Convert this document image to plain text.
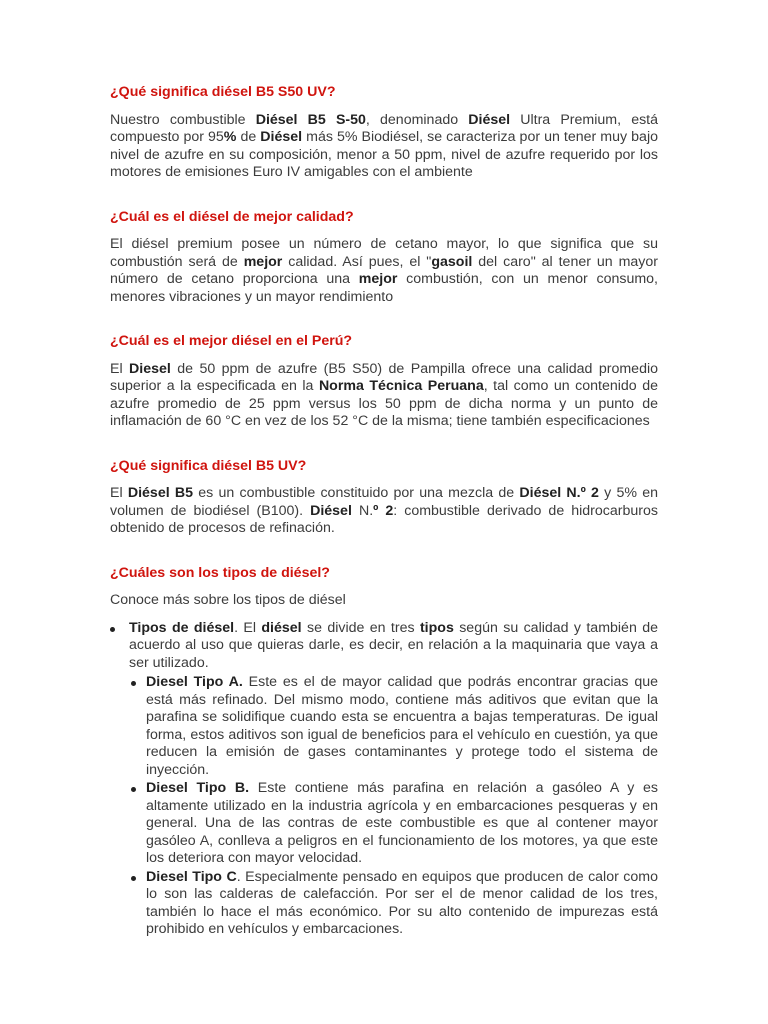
¿Qué significa diésel B5 S50 UV?

Nuestro combustible Diésel B5 S-50, denominado Diésel Ultra Premium, está compuesto por 95% de Diésel más 5% Biodiésel, se caracteriza por un tener muy bajo nivel de azufre en su composición, menor a 50 ppm, nivel de azufre requerido por los motores de emisiones Euro IV amigables con el ambiente

¿Cuál es el diésel de mejor calidad?

El diésel premium posee un número de cetano mayor, lo que significa que su combustión será de mejor calidad. Así pues, el "gasoil del caro" al tener un mayor número de cetano proporciona una mejor combustión, con un menor consumo, menores vibraciones y un mayor rendimiento

¿Cuál es el mejor diésel en el Perú?

El Diesel de 50 ppm de azufre (B5 S50) de Pampilla ofrece una calidad promedio superior a la especificada en la Norma Técnica Peruana, tal como un contenido de azufre promedio de 25 ppm versus los 50 ppm de dicha norma y un punto de inflamación de 60 °C en vez de los 52 °C de la misma; tiene también especificaciones

¿Qué significa diésel B5 UV?

El Diésel B5 es un combustible constituido por una mezcla de Diésel N.º 2 y 5% en volumen de biodiésel (B100). Diésel N.º 2: combustible derivado de hidrocarburos obtenido de procesos de refinación.

¿Cuáles son los tipos de diésel?

Conoce más sobre los tipos de diésel

Tipos de diésel. El diésel se divide en tres tipos según su calidad y también de acuerdo al uso que quieras darle, es decir, en relación a la maquinaria que vaya a ser utilizado.
Diesel Tipo A. Este es el de mayor calidad que podrás encontrar gracias que está más refinado. Del mismo modo, contiene más aditivos que evitan que la parafina se solidifique cuando esta se encuentra a bajas temperaturas. De igual forma, estos aditivos son igual de beneficios para el vehículo en cuestión, ya que reducen la emisión de gases contaminantes y protege todo el sistema de inyección.
Diesel Tipo B. Este contiene más parafina en relación a gasóleo A y es altamente utilizado en la industria agrícola y en embarcaciones pesqueras y en general. Una de las contras de este combustible es que al contener mayor gasóleo A, conlleva a peligros en el funcionamiento de los motores, ya que este los deteriora con mayor velocidad.
Diesel Tipo C. Especialmente pensado en equipos que producen de calor como lo son las calderas de calefacción. Por ser el de menor calidad de los tres, también lo hace el más económico. Por su alto contenido de impurezas está prohibido en vehículos y embarcaciones.
